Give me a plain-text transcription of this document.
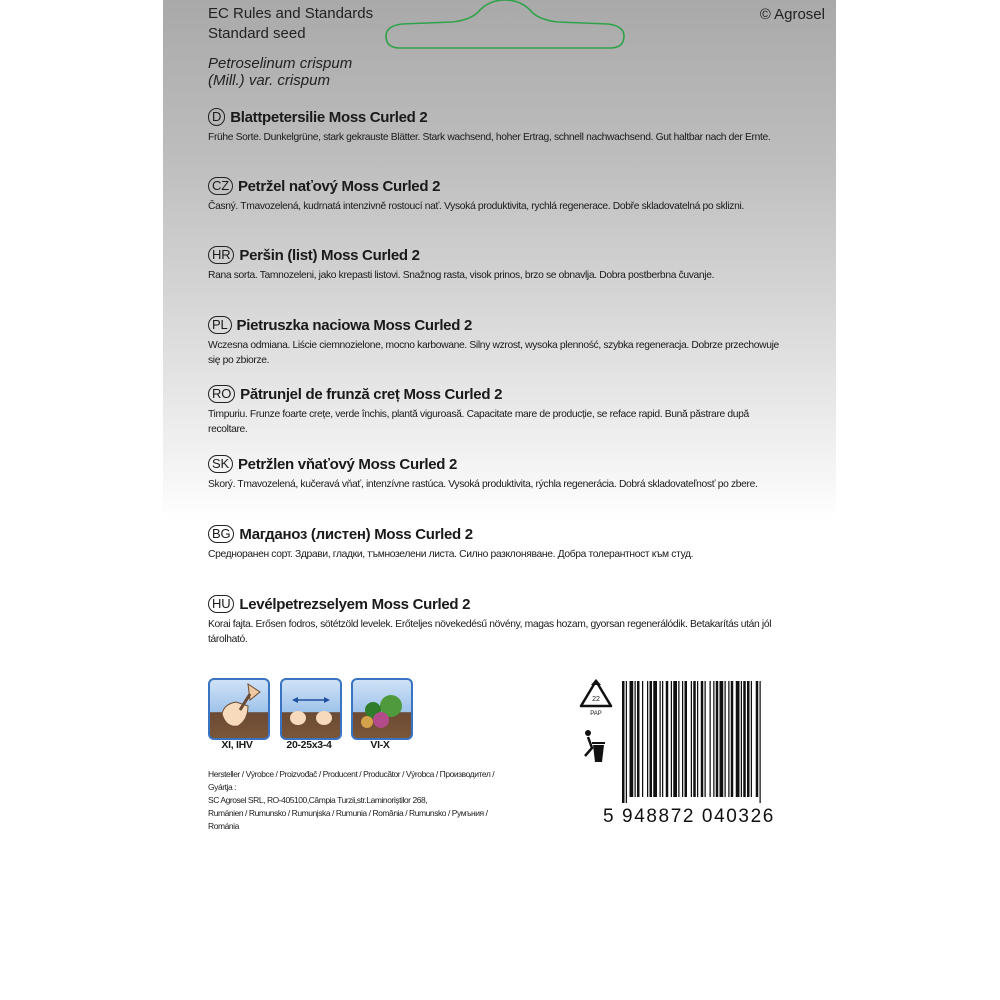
EC Rules and Standards
Standard seed
© Agrosel
Petroselinum crispum
(Mill.) var. crispum
D Blattpetersilie Moss Curled 2
Frühe Sorte. Dunkelgrüne, stark gekrauste Blätter. Stark wachsend, hoher Ertrag, schnell nachwachsend. Gut haltbar nach der Ernte.
CZ Petržel naťový Moss Curled 2
Časný. Tmavozelená, kudrnatá intenzivně rostoucí nať. Vysoká produktivita, rychlá regenerace. Dobře skladovatelná po sklizni.
HR Peršin (list) Moss Curled 2
Rana sorta. Tamnozeleni, jako krepasti listovi. Snažnog rasta, visok prinos, brzo se obnavlja. Dobra postberbna čuvanje.
PL Pietruszka naciowa Moss Curled 2
Wczesna odmiana. Liście ciemnozielone, mocno karbowane. Silny wzrost, wysoka plenność, szybka regeneracja. Dobrze przechowuje się po zbiorze.
RO Pătrunjel de frunză creț Moss Curled 2
Timpuriu. Frunze foarte crețe, verde închis, plantă viguroasă. Capacitate mare de producție, se reface rapid. Bună păstrare după recoltare.
SK Petržlen vňaťový Moss Curled 2
Skorý. Tmavozelená, kučeravá vňať, intenzívne rastúca. Vysoká produktivita, rýchla regenerácia. Dobrá skladovateľnosť po zbere.
BG Магданоз (листен) Moss Curled 2
Средноранен сорт. Здрави, гладки, тъмнозелени листа. Силно разклоняване. Добра толерантност към студ.
HU Levélpetrezselyem Moss Curled 2
Korai fajta. Erősen fodros, sötétzöld levelek. Erőteljes növekedésű növény, magas hozam, gyorsan regenerálódik. Betakarítás után jól tárolható.
XI, IHV	20-25x3-4	VI-X
Hersteller / Výrobce / Proizvođač / Producent / Producător / Výrobca / Производител / Gyártja :
SC Agrosel SRL, RO-405100,Câmpia Turzii,str.Laminoriştilor 268,
Rumänien / Rumunsko / Rumunjska / Rumunia / România / Rumunsko / Румъния / Románia
22
PAP
5 948872 040326
